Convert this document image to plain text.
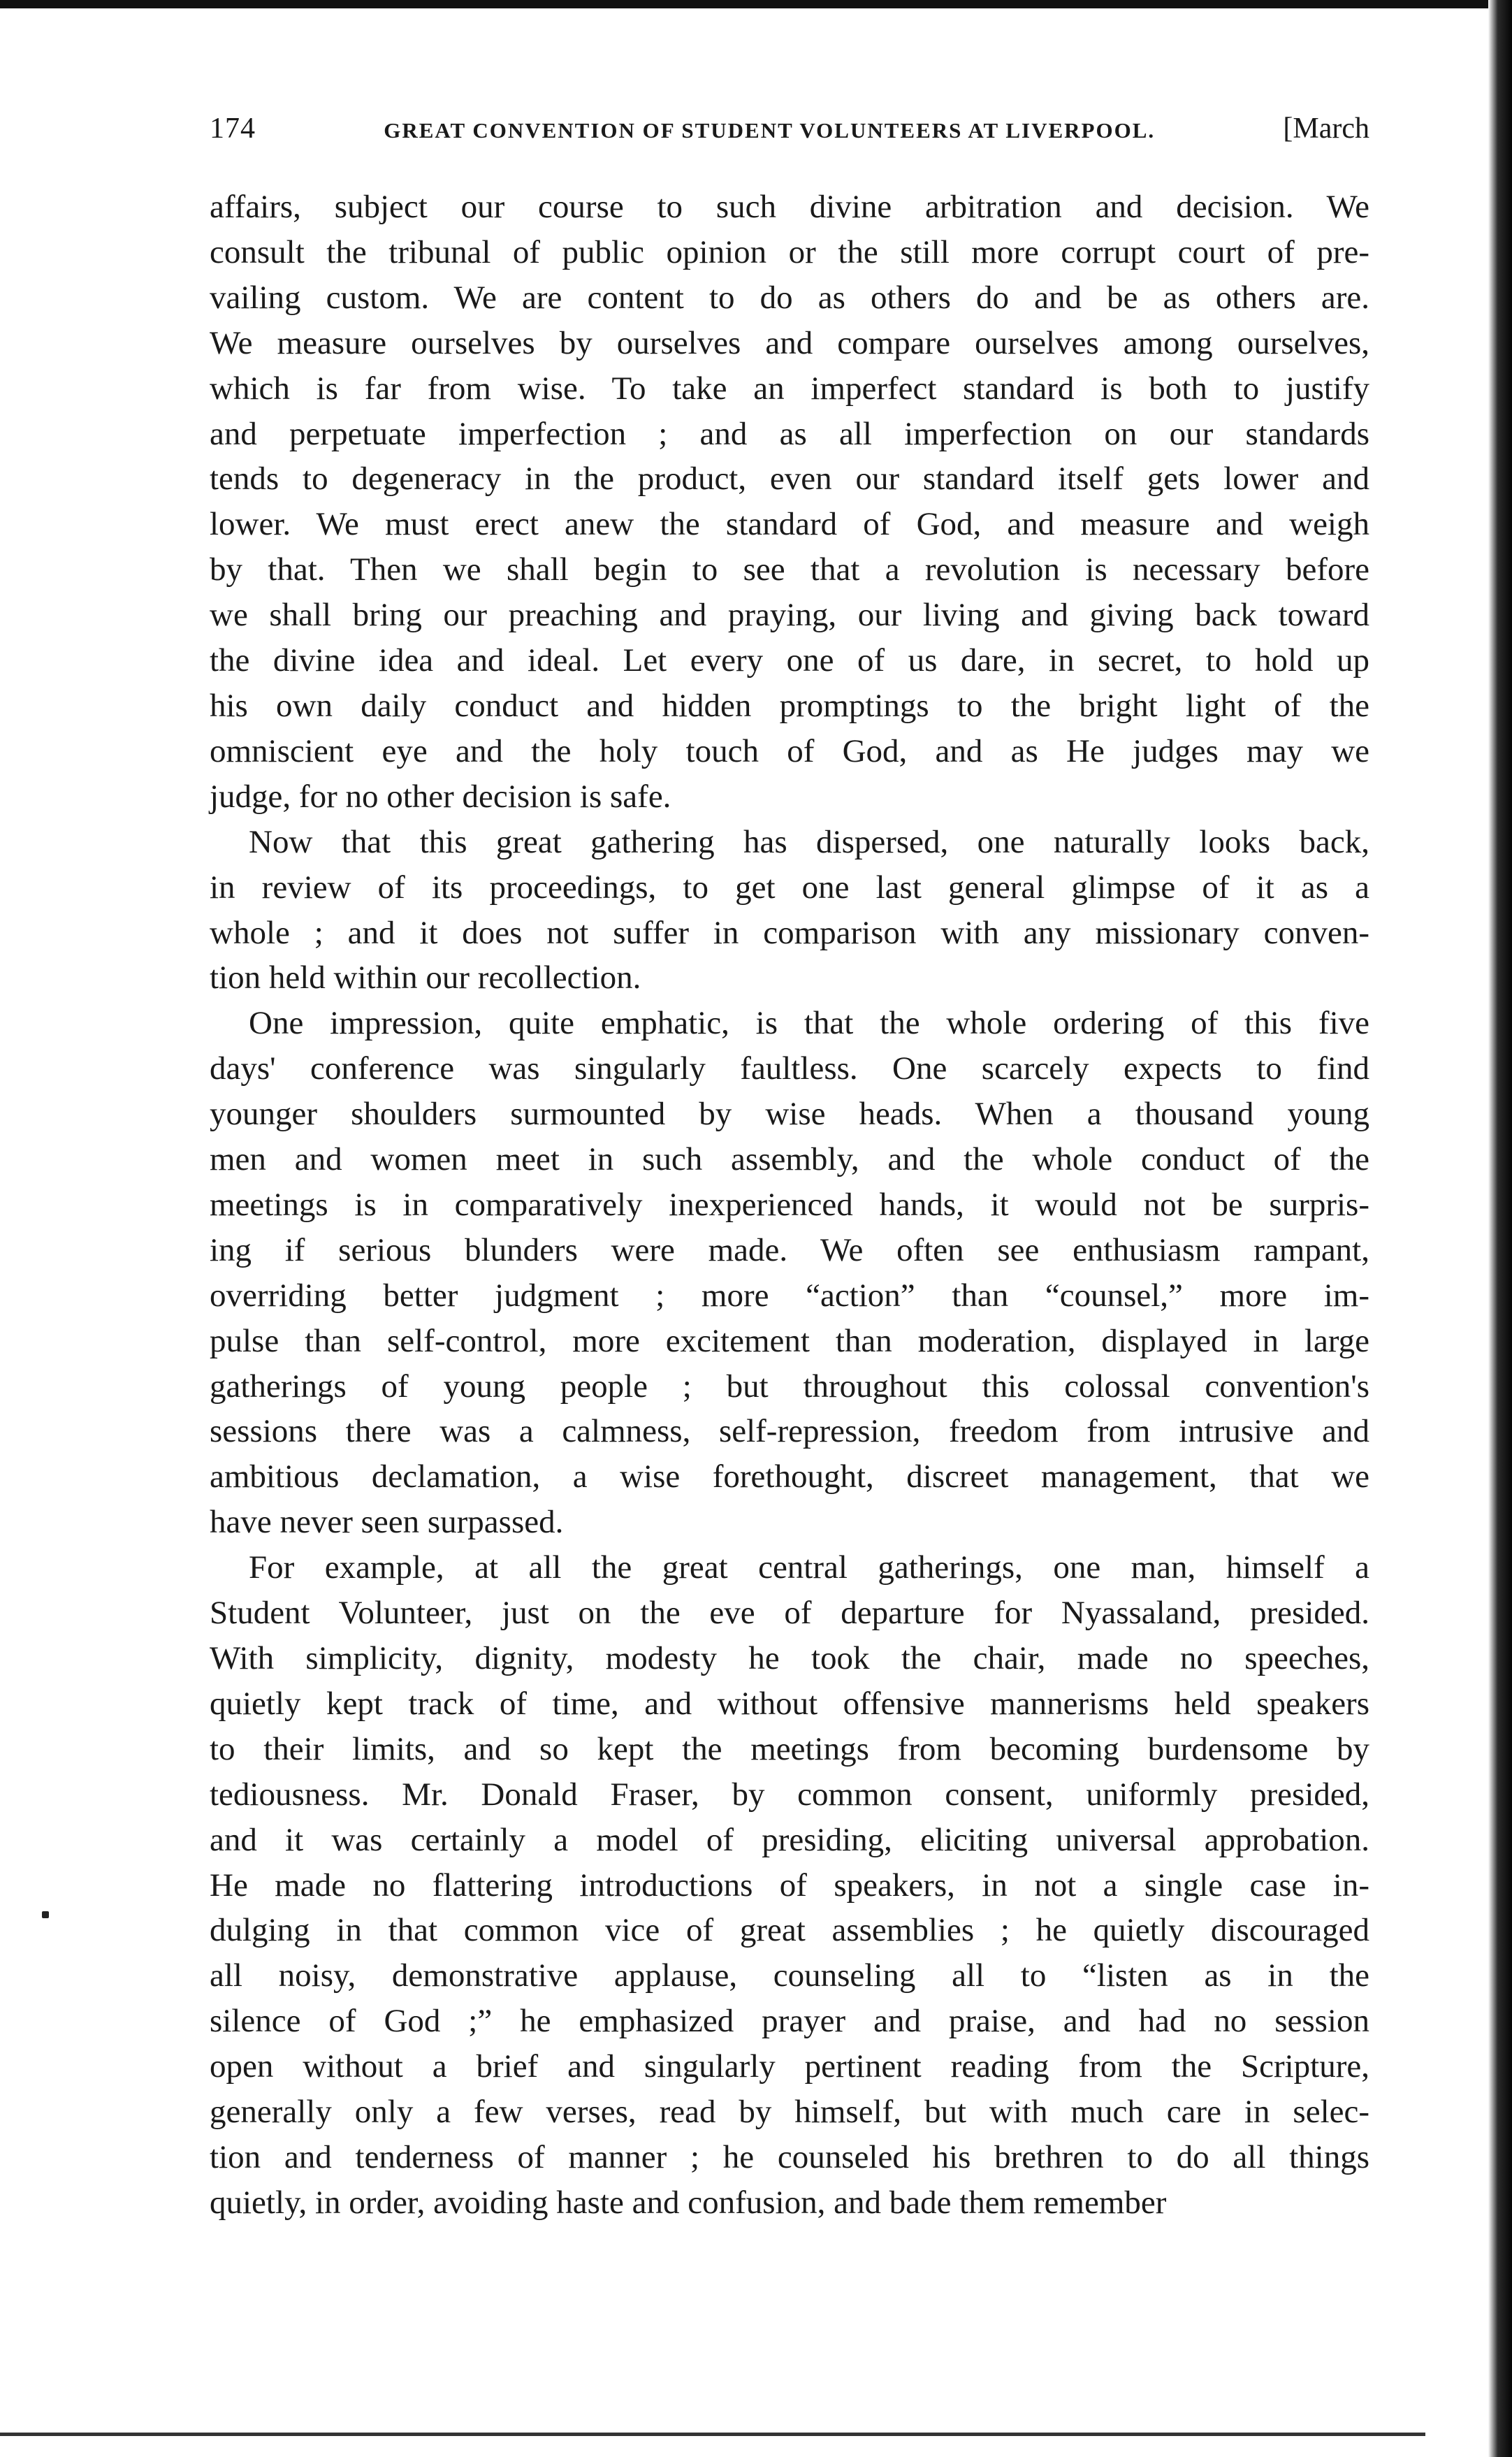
174	GREAT CONVENTION OF STUDENT VOLUNTEERS AT LIVERPOOL.	[March

affairs, subject our course to such divine arbitration and decision. We

consult the tribunal of public opinion or the still more corrupt court of pre-

vailing custom. We are content to do as others do and be as others are.

We measure ourselves by ourselves and compare ourselves among ourselves,

which is far from wise. To take an imperfect standard is both to justify

and perpetuate imperfection ; and as all imperfection on our standards

tends to degeneracy in the product, even our standard itself gets lower and

lower. We must erect anew the standard of God, and measure and weigh

by that. Then we shall begin to see that a revolution is necessary before

we shall bring our preaching and praying, our living and giving back toward

the divine idea and ideal. Let every one of us dare, in secret, to hold up

his own daily conduct and hidden promptings to the bright light of the

omniscient eye and the holy touch of God, and as He judges may we

judge, for no other decision is safe.

Now that this great gathering has dispersed, one naturally looks back,

in review of its proceedings, to get one last general glimpse of it as a

whole ; and it does not suffer in comparison with any missionary conven-

tion held within our recollection.

One impression, quite emphatic, is that the whole ordering of this five

days' conference was singularly faultless. One scarcely expects to find

younger shoulders surmounted by wise heads. When a thousand young

men and women meet in such assembly, and the whole conduct of the

meetings is in comparatively inexperienced hands, it would not be surpris-

ing if serious blunders were made. We often see enthusiasm rampant,

overriding better judgment ; more “action” than “counsel,” more im-

pulse than self-control, more excitement than moderation, displayed in large

gatherings of young people ; but throughout this colossal convention's

sessions there was a calmness, self-repression, freedom from intrusive and

ambitious declamation, a wise forethought, discreet management, that we

have never seen surpassed.

For example, at all the great central gatherings, one man, himself a

Student Volunteer, just on the eve of departure for Nyassaland, presided.

With simplicity, dignity, modesty he took the chair, made no speeches,

quietly kept track of time, and without offensive mannerisms held speakers

to their limits, and so kept the meetings from becoming burdensome by

tediousness. Mr. Donald Fraser, by common consent, uniformly presided,

and it was certainly a model of presiding, eliciting universal approbation.

He made no flattering introductions of speakers, in not a single case in-

dulging in that common vice of great assemblies ; he quietly discouraged

all noisy, demonstrative applause, counseling all to “listen as in the

silence of God ;” he emphasized prayer and praise, and had no session

open without a brief and singularly pertinent reading from the Scripture,

generally only a few verses, read by himself, but with much care in selec-

tion and tenderness of manner ; he counseled his brethren to do all things

quietly, in order, avoiding haste and confusion, and bade them remember
